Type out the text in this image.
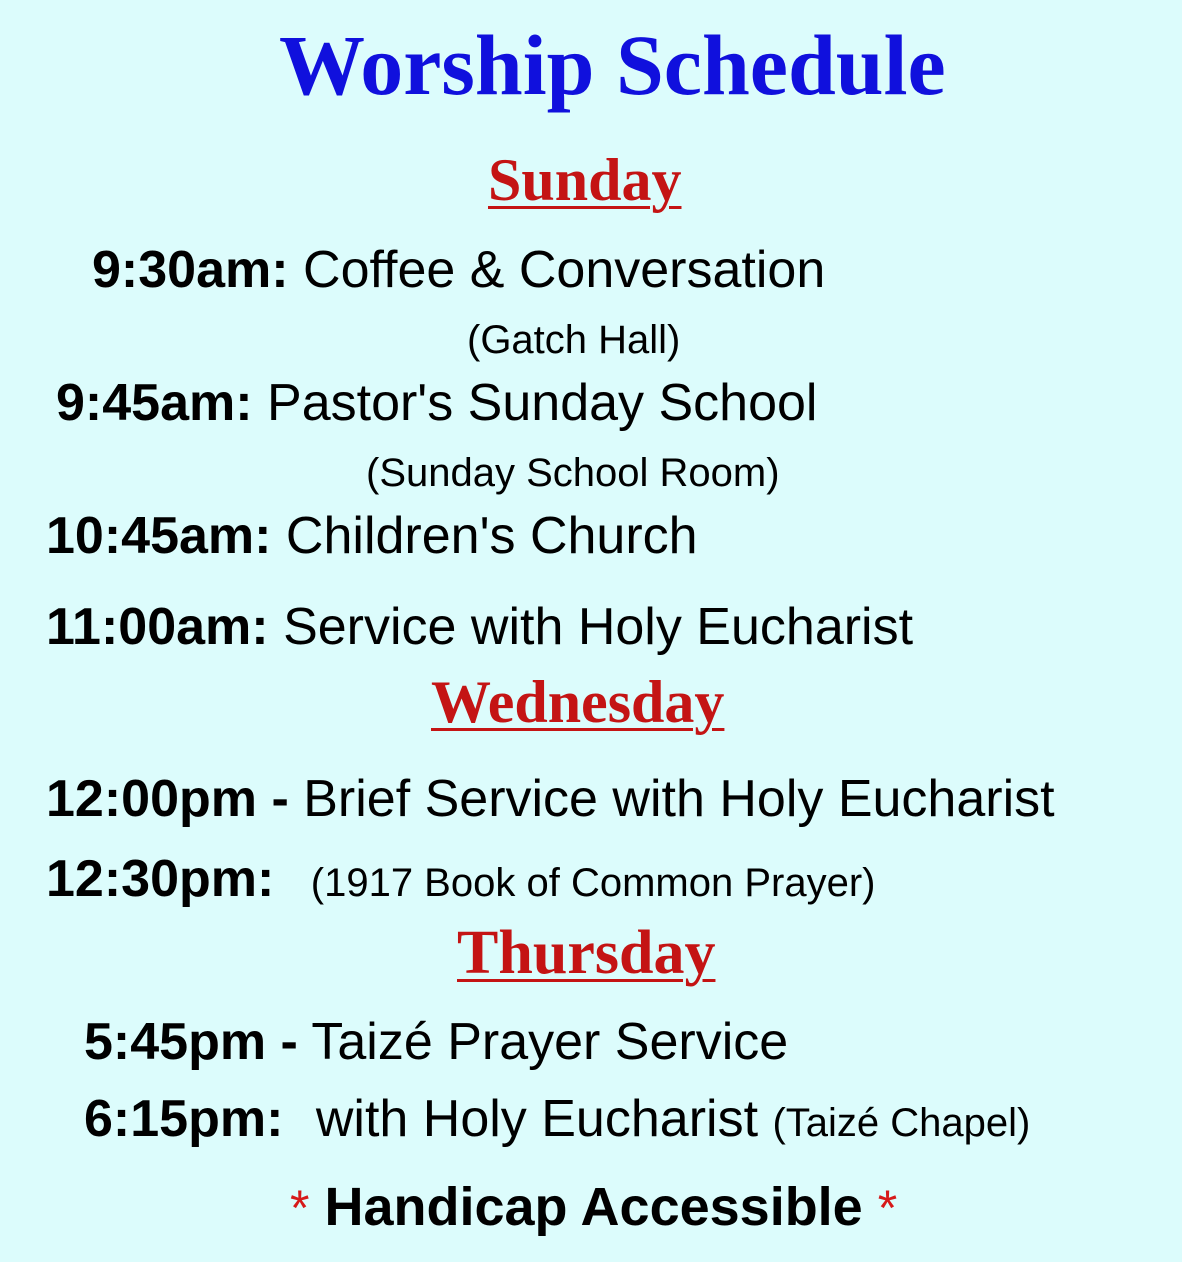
Worship Schedule
Sunday
9:30am: Coffee & Conversation
(Gatch Hall)
9:45am: Pastor's Sunday School
(Sunday School Room)
10:45am: Children's Church
11:00am: Service with Holy Eucharist
Wednesday
12:00pm - Brief Service with Holy Eucharist
12:30pm: (1917 Book of Common Prayer)
Thursday
5:45pm - Taizé Prayer Service
6:15pm: with Holy Eucharist (Taizé Chapel)
* Handicap Accessible *
